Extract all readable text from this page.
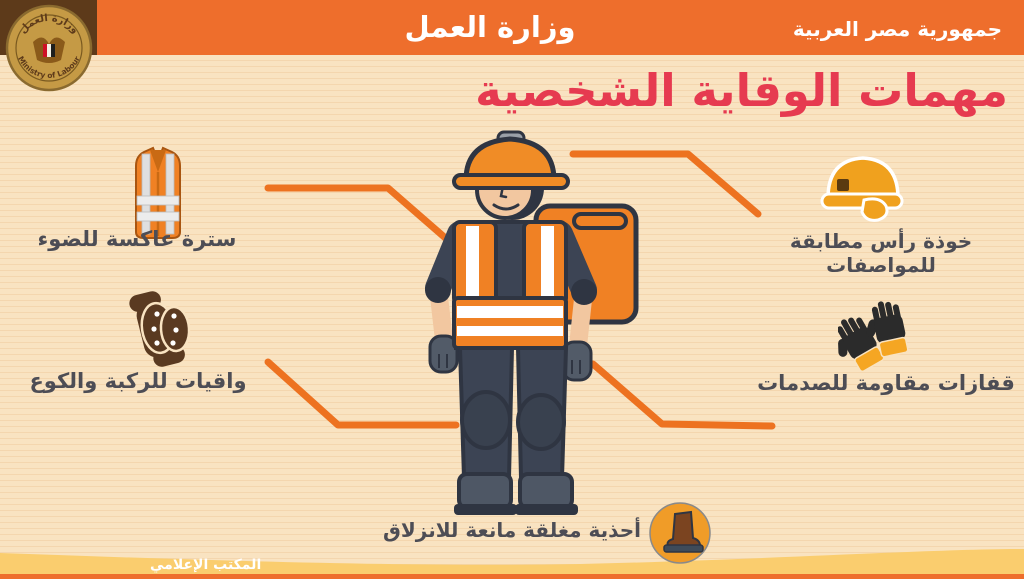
وزارة العمل	جمهورية مصر العربية
وزارة العمل
Ministry of Labour
مهمات الوقاية الشخصية
سترة عاكسة للضوء
واقيات للركبة والكوع
خوذة رأس مطابقة للمواصفات
قفازات مقاومة للصدمات
أحذية مغلقة مانعة للانزلاق
المكتب الإعلامي
